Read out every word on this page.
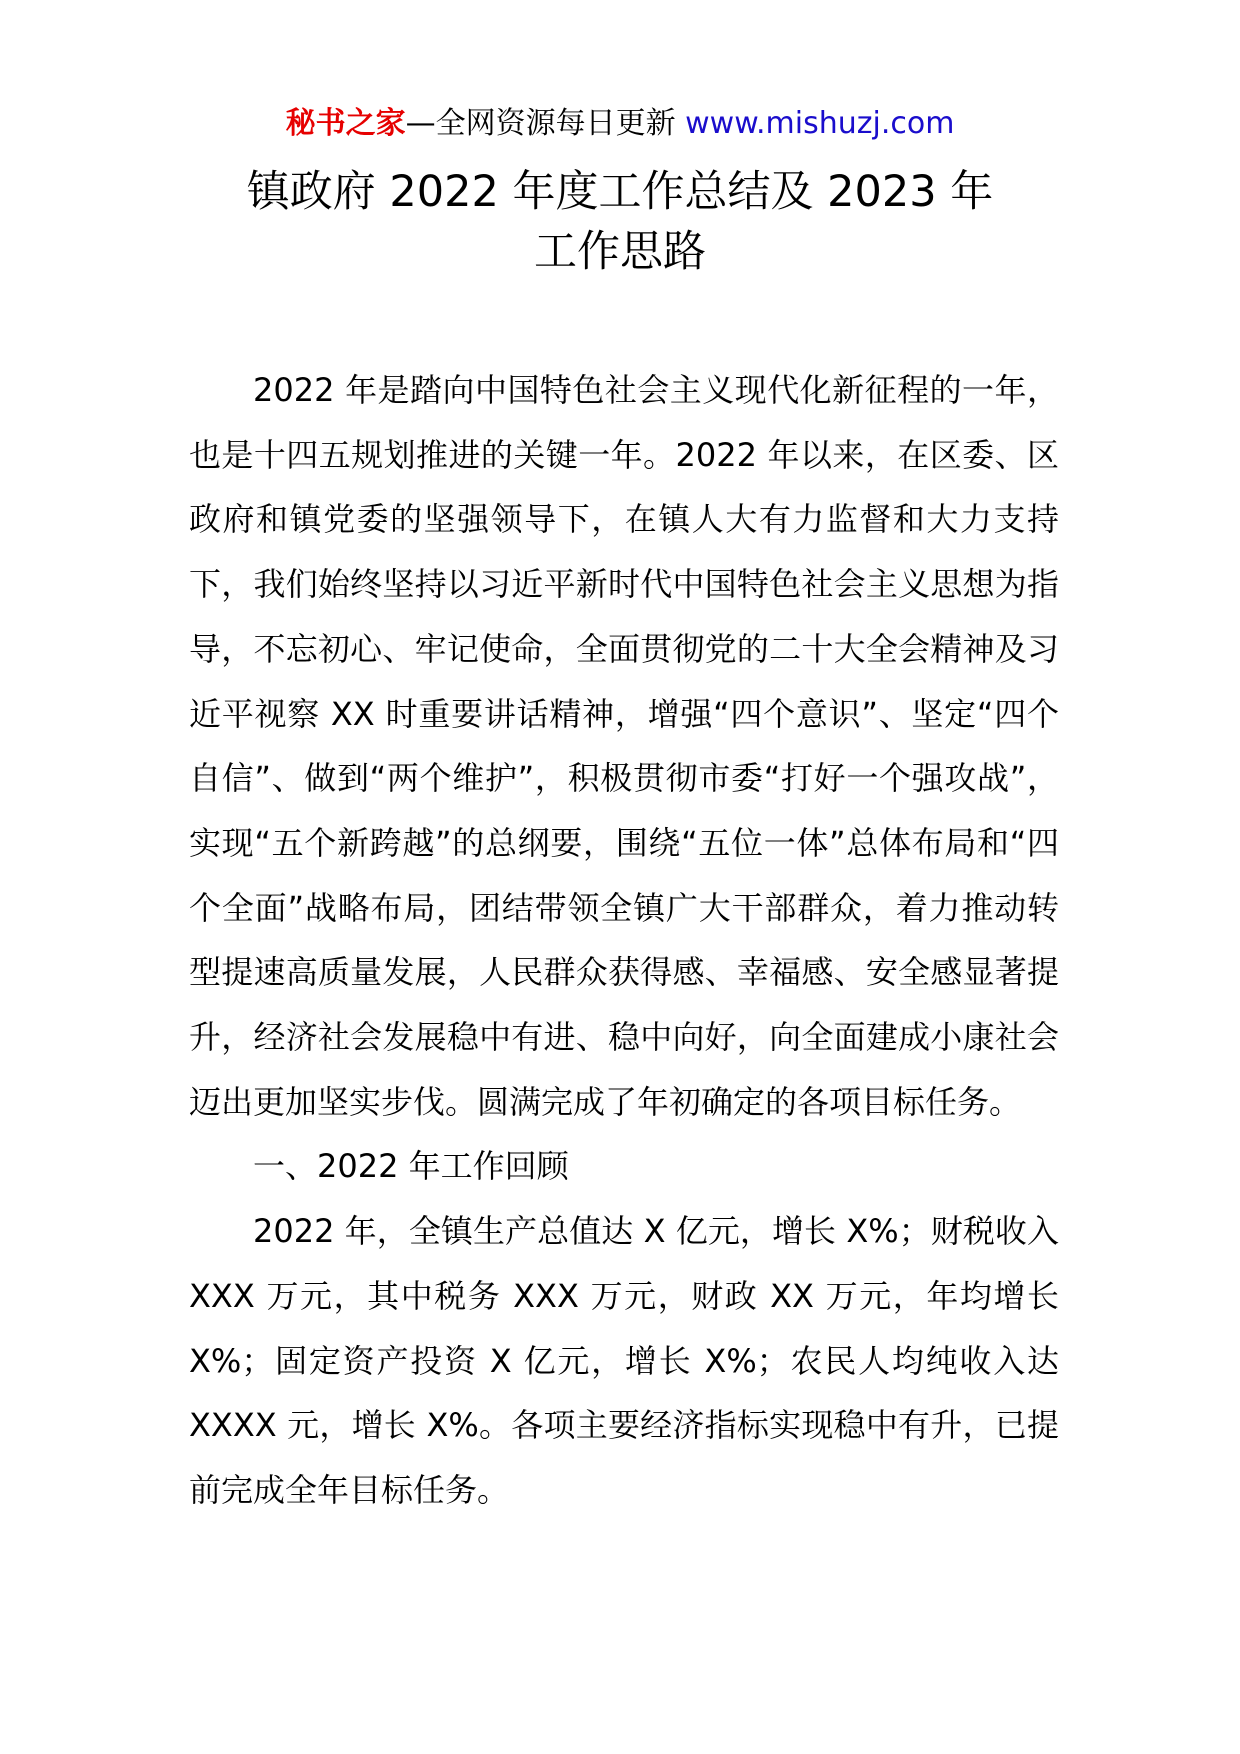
秘书之家—全网资源每日更新 www.mishuzj.com
镇政府 2022 年度工作总结及 2023 年
工作思路

2022 年是踏向中国特色社会主义现代化新征程的一年，也是十四五规划推进的关键一年。2022 年以来，在区委、区政府和镇党委的坚强领导下，在镇人大有力监督和大力支持下，我们始终坚持以习近平新时代中国特色社会主义思想为指导，不忘初心、牢记使命，全面贯彻党的二十大全会精神及习近平视察 XX 时重要讲话精神，增强“四个意识”、坚定“四个自信”、做到“两个维护”，积极贯彻市委“打好一个强攻战”，实现“五个新跨越”的总纲要，围绕“五位一体”总体布局和“四个全面”战略布局，团结带领全镇广大干部群众，着力推动转型提速高质量发展，人民群众获得感、幸福感、安全感显著提升，经济社会发展稳中有进、稳中向好，向全面建成小康社会迈出更加坚实步伐。圆满完成了年初确定的各项目标任务。

一、2022 年工作回顾

2022 年，全镇生产总值达 X 亿元，增长 X%；财税收入 XXX 万元，其中税务 XXX 万元，财政 XX 万元，年均增长 X%；固定资产投资 X 亿元，增长 X%；农民人均纯收入达 XXXX 元，增长 X%。各项主要经济指标实现稳中有升，已提前完成全年目标任务。
